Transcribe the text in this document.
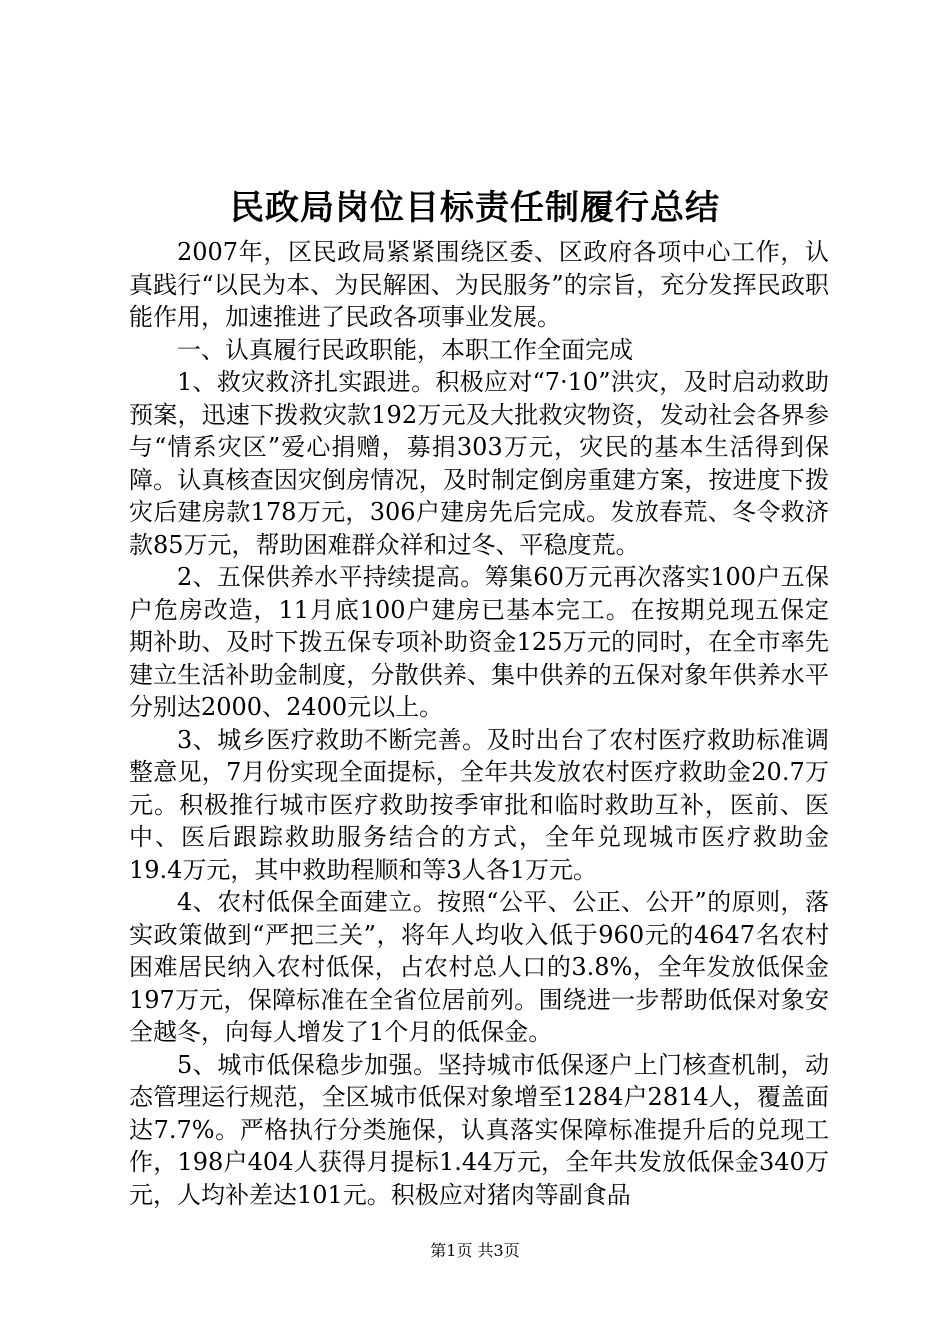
民政局岗位目标责任制履行总结

2007年，区民政局紧紧围绕区委、区政府各项中心工作，认真践行“以民为本、为民解困、为民服务”的宗旨，充分发挥民政职能作用，加速推进了民政各项事业发展。

一、认真履行民政职能，本职工作全面完成

1、救灾救济扎实跟进。积极应对“7·10”洪灾，及时启动救助预案，迅速下拨救灾款192万元及大批救灾物资，发动社会各界参与“情系灾区”爱心捐赠，募捐303万元，灾民的基本生活得到保障。认真核查因灾倒房情况，及时制定倒房重建方案，按进度下拨灾后建房款178万元，306户建房先后完成。发放春荒、冬令救济款85万元，帮助困难群众祥和过冬、平稳度荒。

2、五保供养水平持续提高。筹集60万元再次落实100户五保户危房改造，11月底100户建房已基本完工。在按期兑现五保定期补助、及时下拨五保专项补助资金125万元的同时，在全市率先建立生活补助金制度，分散供养、集中供养的五保对象年供养水平分别达2000、2400元以上。

3、城乡医疗救助不断完善。及时出台了农村医疗救助标准调整意见，7月份实现全面提标，全年共发放农村医疗救助金20.7万元。积极推行城市医疗救助按季审批和临时救助互补，医前、医中、医后跟踪救助服务结合的方式，全年兑现城市医疗救助金19.4万元，其中救助程顺和等3人各1万元。

4、农村低保全面建立。按照“公平、公正、公开”的原则，落实政策做到“严把三关”，将年人均收入低于960元的4647名农村困难居民纳入农村低保，占农村总人口的3.8%，全年发放低保金197万元，保障标准在全省位居前列。围绕进一步帮助低保对象安全越冬，向每人增发了1个月的低保金。

5、城市低保稳步加强。坚持城市低保逐户上门核查机制，动态管理运行规范，全区城市低保对象增至1284户2814人，覆盖面达7.7%。严格执行分类施保，认真落实保障标准提升后的兑现工作，198户404人获得月提标1.44万元，全年共发放低保金340万元，人均补差达101元。积极应对猪肉等副食品

第1页 共3页
